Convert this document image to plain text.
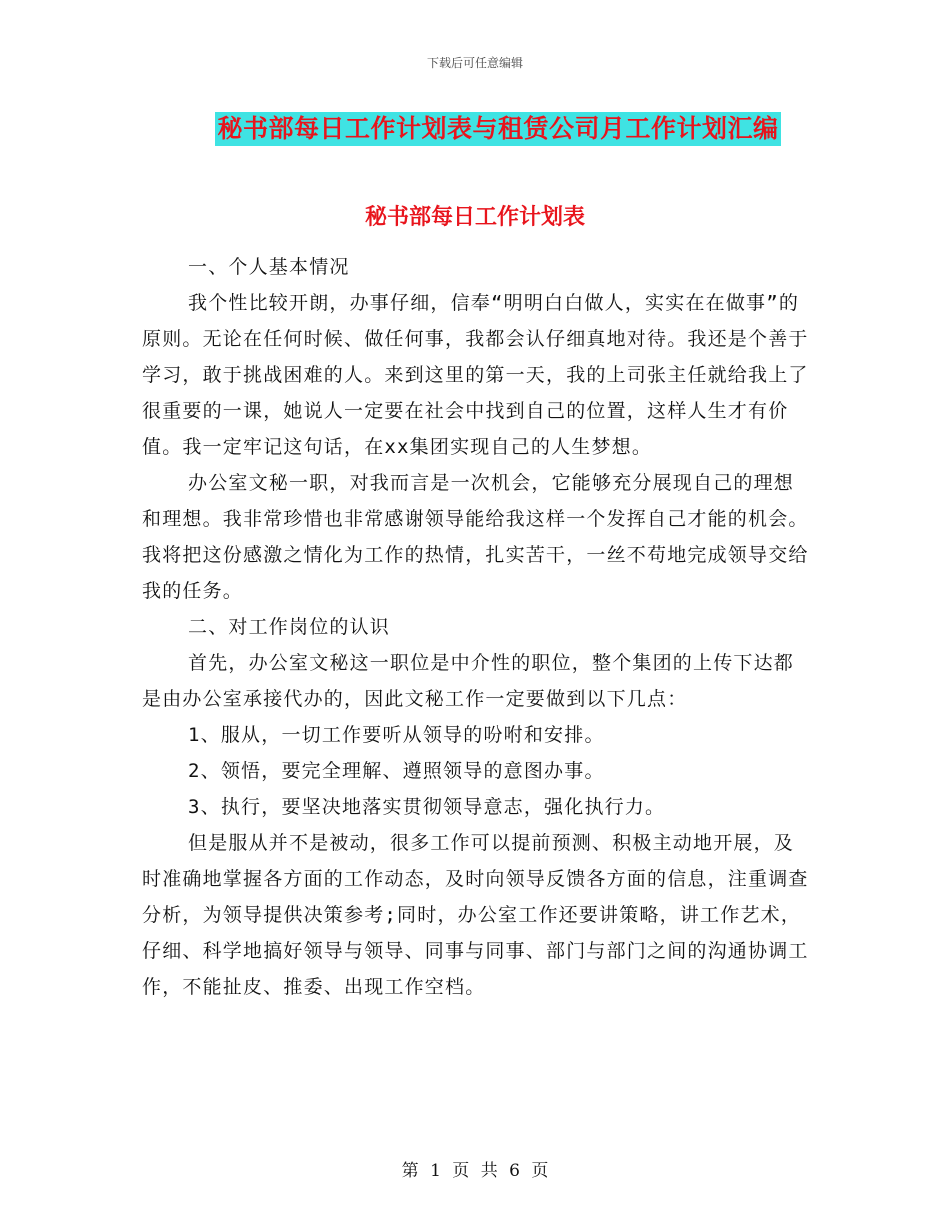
下载后可任意编辑
秘书部每日工作计划表与租赁公司月工作计划汇编
秘书部每日工作计划表

一、个人基本情况

我个性比较开朗，办事仔细，信奉“明明白白做人，实实在在做事”的原则。无论在任何时候、做任何事，我都会认仔细真地对待。我还是个善于学习，敢于挑战困难的人。来到这里的第一天，我的上司张主任就给我上了很重要的一课，她说人一定要在社会中找到自己的位置，这样人生才有价值。我一定牢记这句话，在xx集团实现自己的人生梦想。

办公室文秘一职，对我而言是一次机会，它能够充分展现自己的理想和理想。我非常珍惜也非常感谢领导能给我这样一个发挥自己才能的机会。我将把这份感激之情化为工作的热情，扎实苦干，一丝不苟地完成领导交给我的任务。

二、对工作岗位的认识

首先，办公室文秘这一职位是中介性的职位，整个集团的上传下达都是由办公室承接代办的，因此文秘工作一定要做到以下几点：

1、服从，一切工作要听从领导的吩咐和安排。

2、领悟，要完全理解、遵照领导的意图办事。

3、执行，要坚决地落实贯彻领导意志，强化执行力。

但是服从并不是被动，很多工作可以提前预测、积极主动地开展，及时准确地掌握各方面的工作动态，及时向领导反馈各方面的信息，注重调查分析，为领导提供决策参考;同时，办公室工作还要讲策略，讲工作艺术，仔细、科学地搞好领导与领导、同事与同事、部门与部门之间的沟通协调工作，不能扯皮、推委、出现工作空档。

第 1 页 共 6 页
